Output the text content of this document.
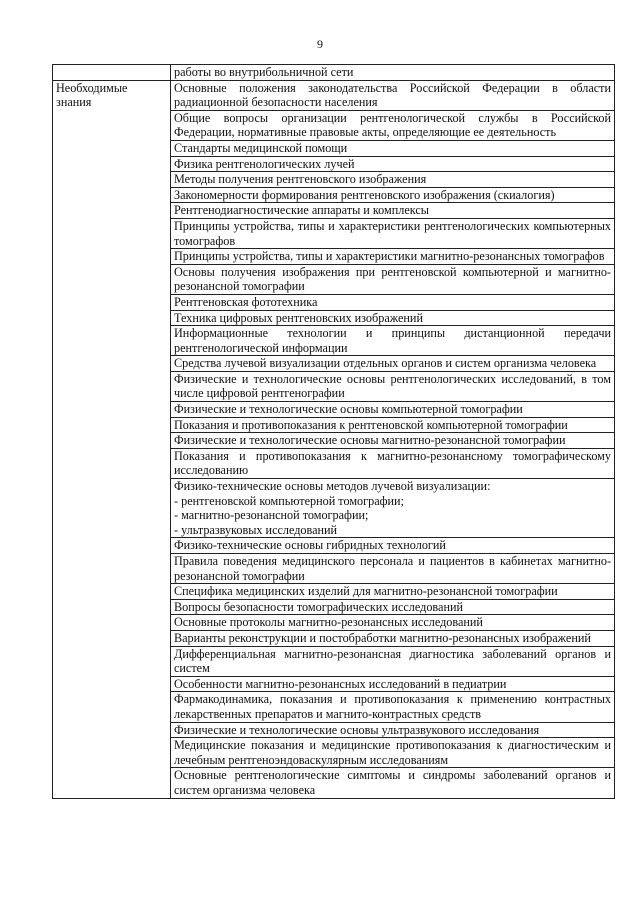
9
	работы во внутрибольничной сети

Необходимые
знания	Основные положения законодательства Российской Федерации в области радиационной безопасности населения
	Общие вопросы организации рентгенологической службы в Российской Федерации, нормативные правовые акты, определяющие ее деятельность
	Стандарты медицинской помощи
	Физика рентгенологических лучей
	Методы получения рентгеновского изображения
	Закономерности формирования рентгеновского изображения (скиалогия)
	Рентгенодиагностические аппараты и комплексы
	Принципы устройства, типы и характеристики рентгенологических компьютерных томографов
	Принципы устройства, типы и характеристики магнитно-резонансных томографов
	Основы получения изображения при рентгеновской компьютерной и магнитно-резонансной томографии
	Рентгеновская фототехника
	Техника цифровых рентгеновских изображений
	Информационные технологии и принципы дистанционной передачи рентгенологической информации
	Средства лучевой визуализации отдельных органов и систем организма человека
	Физические и технологические основы рентгенологических исследований, в том числе цифровой рентгенографии
	Физические и технологические основы компьютерной томографии
	Показания и противопоказания к рентгеновской компьютерной томографии
	Физические и технологические основы магнитно-резонансной томографии
	Показания и противопоказания к магнитно-резонансному томографическому исследованию

	Физико-технические основы методов лучевой визуализации:
- рентгеновской компьютерной томографии;
- магнитно-резонансной томографии;
- ультразвуковых исследований

	Физико-технические основы гибридных технологий
	Правила поведения медицинского персонала и пациентов в кабинетах магнитно-резонансной томографии
	Специфика медицинских изделий для магнитно-резонансной томографии
	Вопросы безопасности томографических исследований
	Основные протоколы магнитно-резонансных исследований
	Варианты реконструкции и постобработки магнитно-резонансных изображений
	Дифференциальная магнитно-резонансная диагностика заболеваний органов и систем
	Особенности магнитно-резонансных исследований в педиатрии
	Фармакодинамика, показания и противопоказания к применению контрастных лекарственных препаратов и магнито-контрастных средств
	Физические и технологические основы ультразвукового исследования
	Медицинские показания и медицинские противопоказания к диагностическим и лечебным рентгеноэндоваскулярным исследованиям
	Основные рентгенологические симптомы и синдромы заболеваний органов и систем организма человека
